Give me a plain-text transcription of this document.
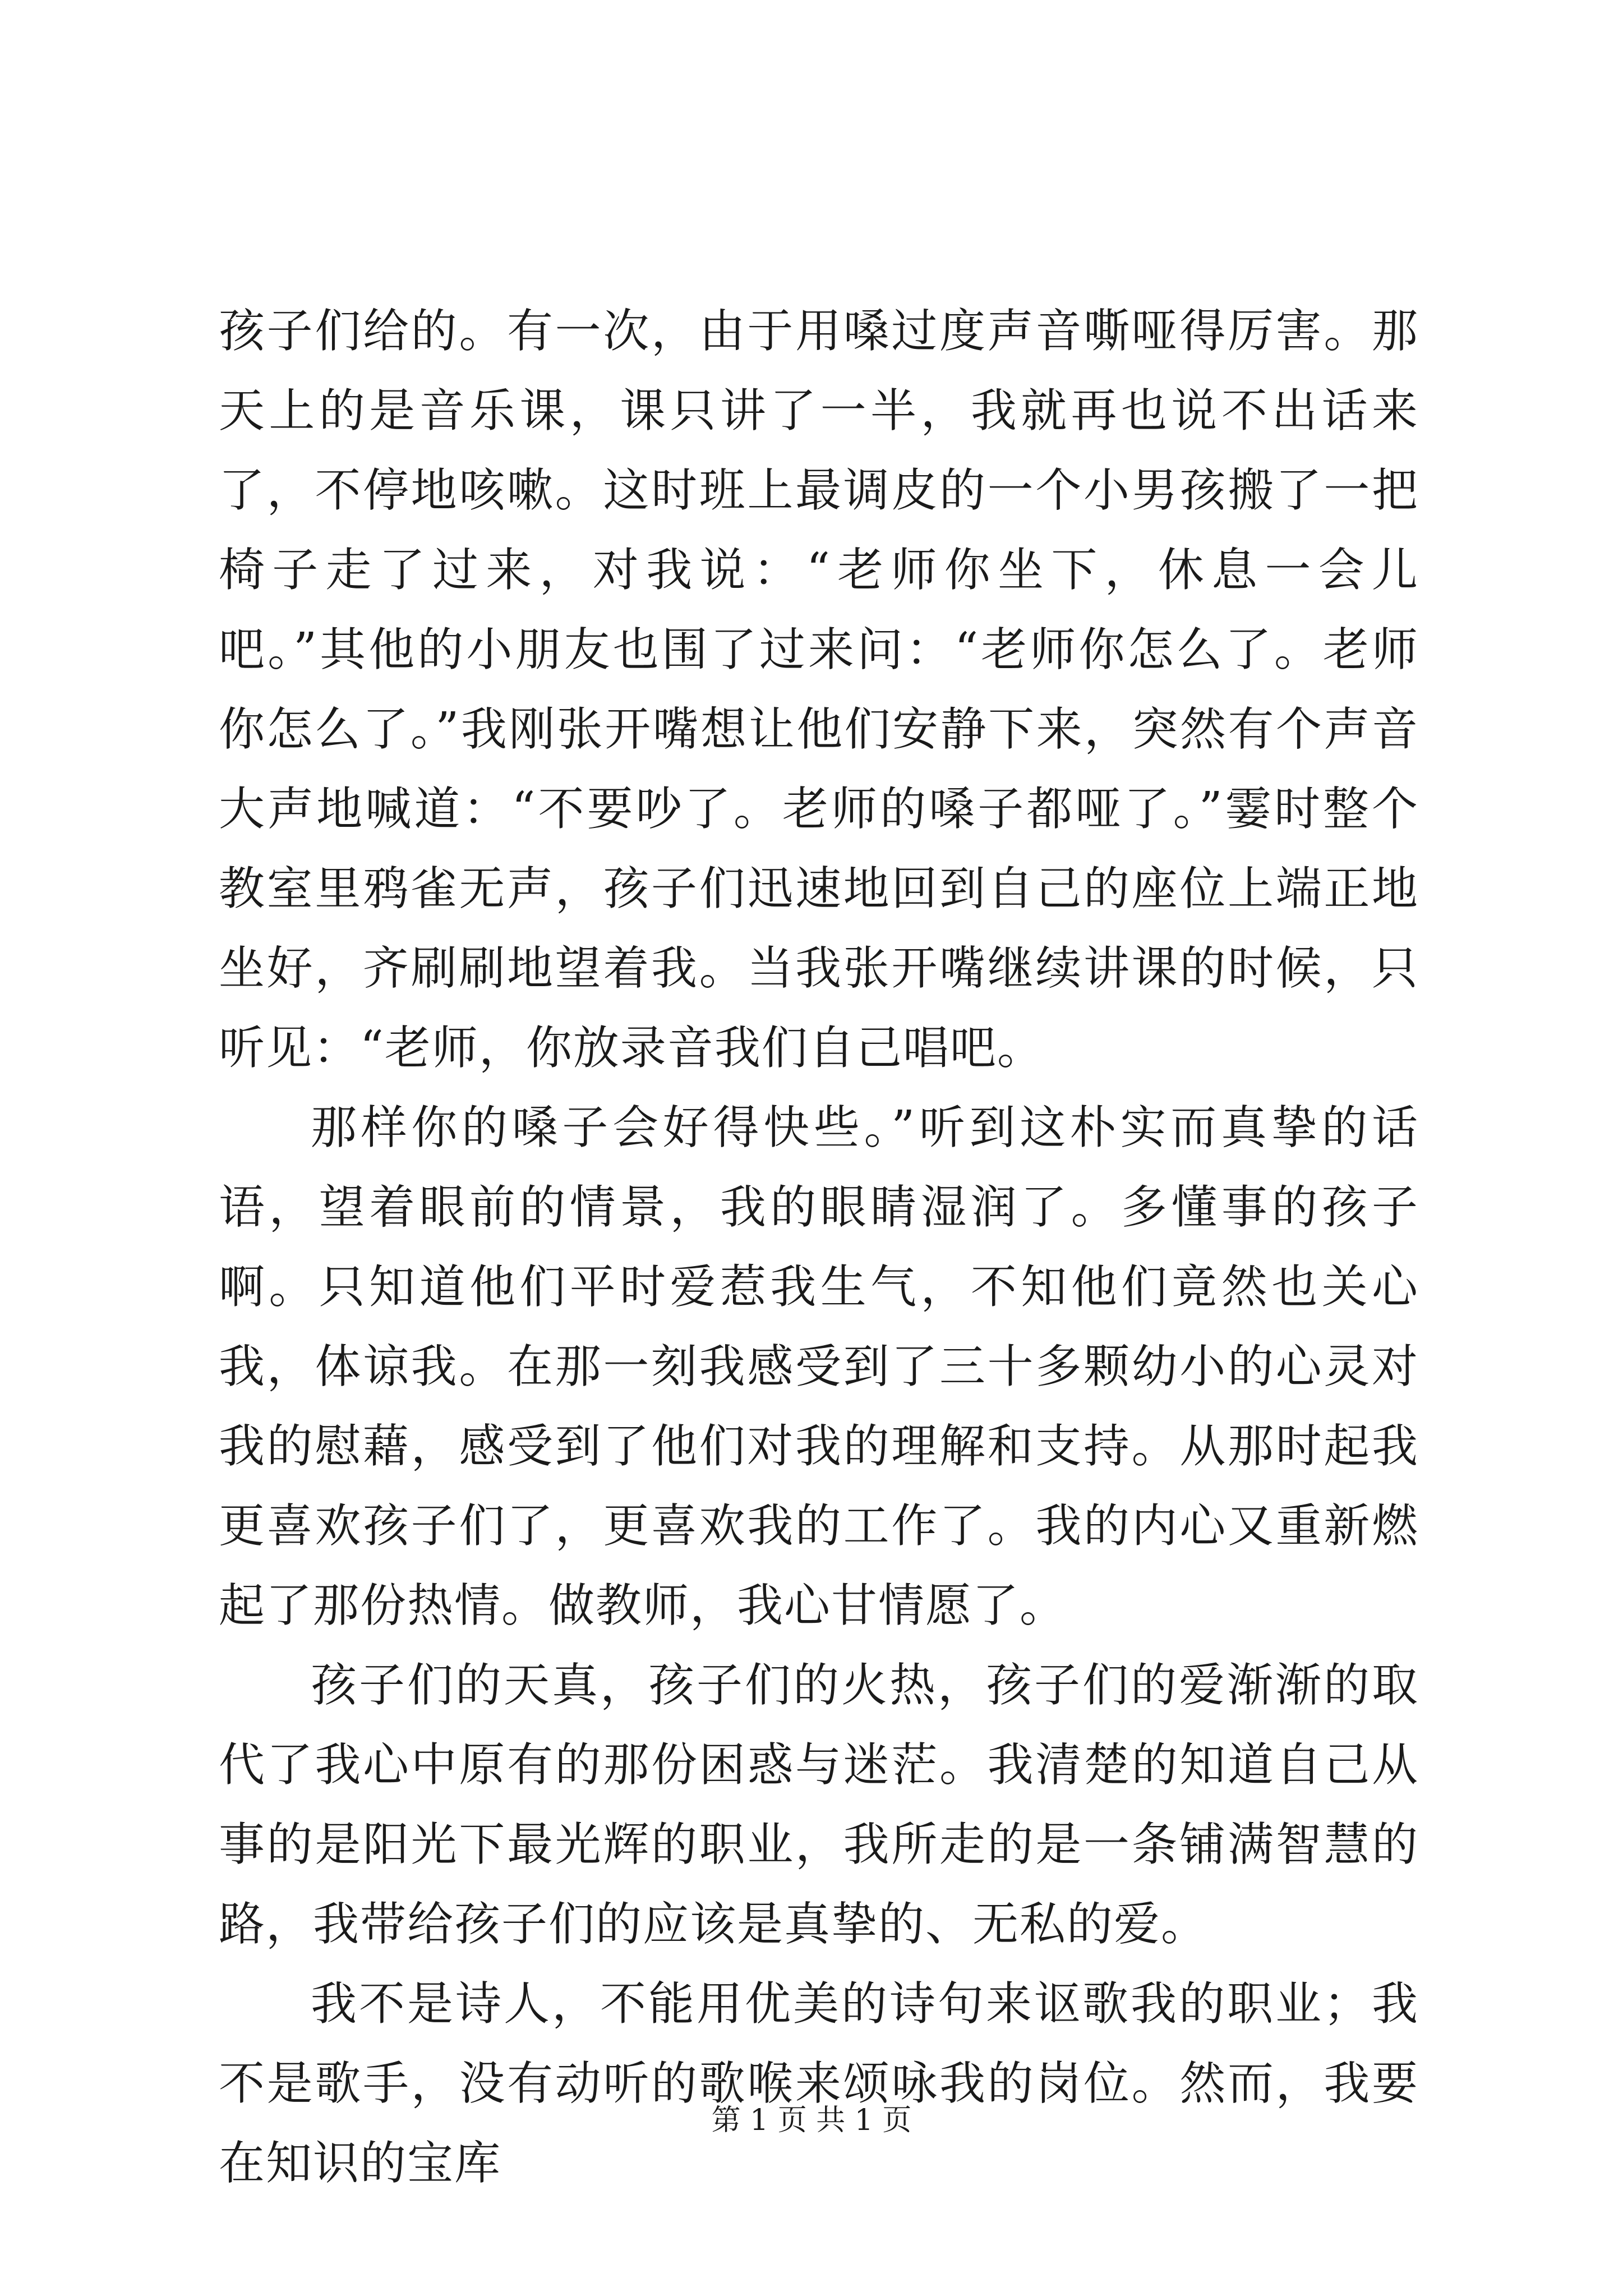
孩子们给的。有一次，由于用嗓过度声音嘶哑得厉害。那天上的是音乐课，课只讲了一半，我就再也说不出话来了，不停地咳嗽。这时班上最调皮的一个小男孩搬了一把椅子走了过来，对我说：“老师你坐下，休息一会儿吧。”其他的小朋友也围了过来问：“老师你怎么了。老师你怎么了。”我刚张开嘴想让他们安静下来，突然有个声音大声地喊道：“不要吵了。老师的嗓子都哑了。”霎时整个教室里鸦雀无声，孩子们迅速地回到自己的座位上端正地坐好，齐刷刷地望着我。当我张开嘴继续讲课的时候，只听见：“老师，你放录音我们自己唱吧。

那样你的嗓子会好得快些。”听到这朴实而真挚的话语，望着眼前的情景，我的眼睛湿润了。多懂事的孩子啊。只知道他们平时爱惹我生气，不知他们竟然也关心我，体谅我。在那一刻我感受到了三十多颗幼小的心灵对我的慰藉，感受到了他们对我的理解和支持。从那时起我更喜欢孩子们了，更喜欢我的工作了。我的内心又重新燃起了那份热情。做教师，我心甘情愿了。

孩子们的天真，孩子们的火热，孩子们的爱渐渐的取代了我心中原有的那份困惑与迷茫。我清楚的知道自己从事的是阳光下最光辉的职业，我所走的是一条铺满智慧的路，我带给孩子们的应该是真挚的、无私的爱。

我不是诗人，不能用优美的诗句来讴歌我的职业；我不是歌手，没有动听的歌喉来颂咏我的岗位。然而，我要在知识的宝库

第 1 页 共 1 页
